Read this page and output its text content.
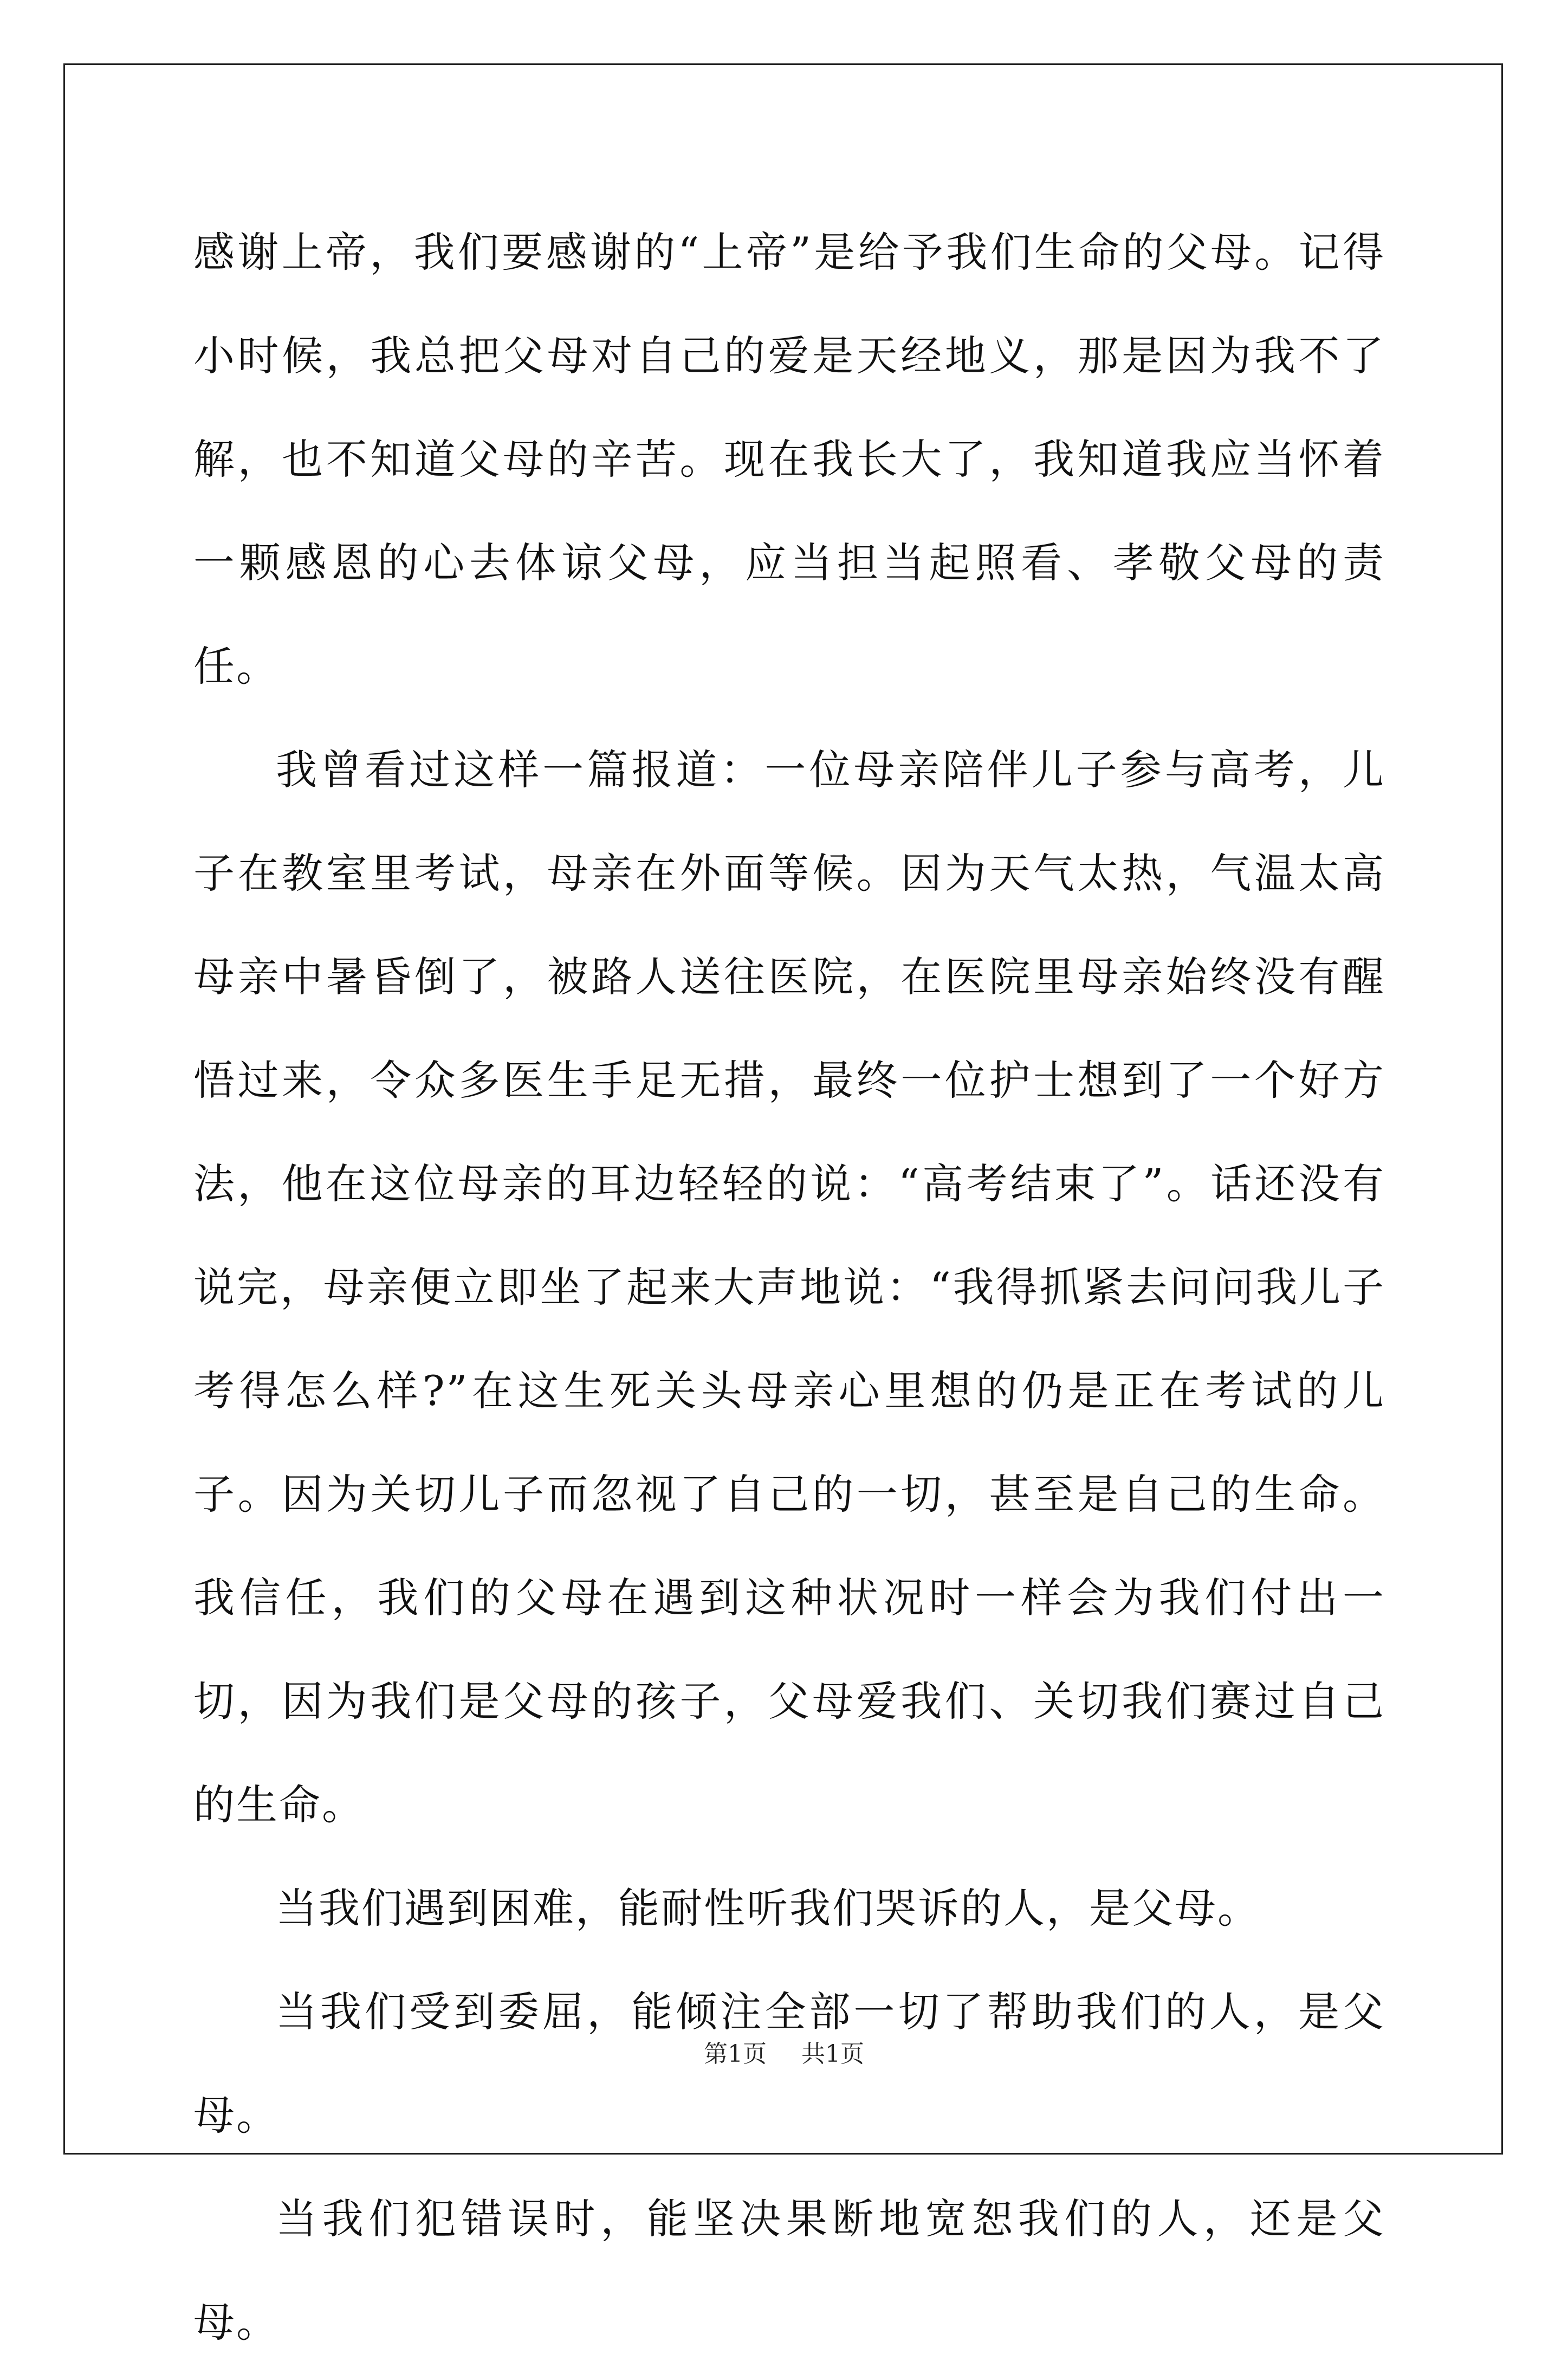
感谢上帝，我们要感谢的“上帝”是给予我们生命的父母。记得小时候，我总把父母对自己的爱是天经地义，那是因为我不了解，也不知道父母的辛苦。现在我长大了，我知道我应当怀着一颗感恩的心去体谅父母，应当担当起照看、孝敬父母的责任。

我曾看过这样一篇报道：一位母亲陪伴儿子参与高考，儿子在教室里考试，母亲在外面等候。因为天气太热，气温太高母亲中暑昏倒了，被路人送往医院，在医院里母亲始终没有醒悟过来，令众多医生手足无措，最终一位护士想到了一个好方法，他在这位母亲的耳边轻轻的说：“高考结束了”。话还没有说完，母亲便立即坐了起来大声地说：“我得抓紧去问问我儿子考得怎么样?”在这生死关头母亲心里想的仍是正在考试的儿子。因为关切儿子而忽视了自己的一切，甚至是自己的生命。我信任，我们的父母在遇到这种状况时一样会为我们付出一切，因为我们是父母的孩子，父母爱我们、关切我们赛过自己的生命。

当我们遇到困难，能耐性听我们哭诉的人，是父母。

当我们受到委屈，能倾注全部一切了帮助我们的人，是父母。

当我们犯错误时，能坚决果断地宽恕我们的人，还是父母。

第1页 共1页
